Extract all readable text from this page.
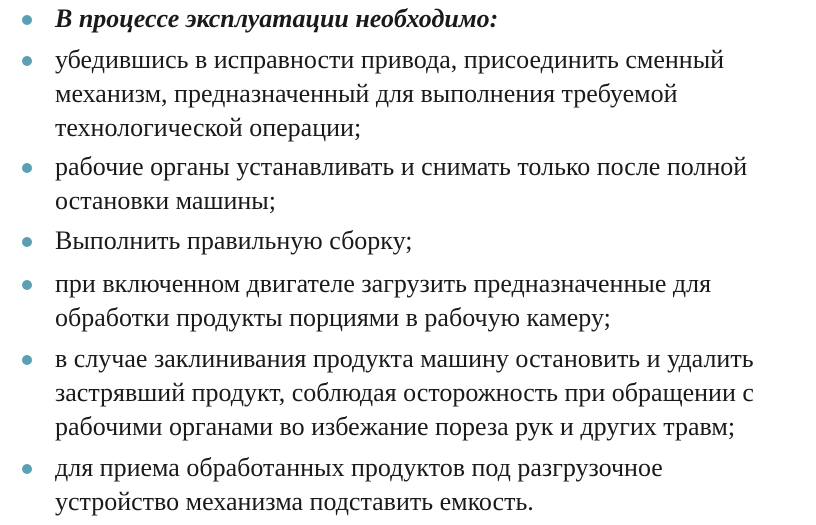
В процессе эксплуатации необходимо:
убедившись в исправности привода, присоединить сменный
механизм, предназначенный для выполнения требуемой
технологической операции;
рабочие органы устанавливать и снимать только после полной
остановки машины;
Выполнить правильную сборку;
при включенном двигателе загрузить предназначенные для
обработки продукты порциями в рабочую камеру;
в случае заклинивания продукта машину остановить и удалить
застрявший продукт, соблюдая осторожность при обращении с
рабочими органами во избежание пореза рук и других травм;
для приема обработанных продуктов под разгрузочное
устройство механизма подставить емкость.
